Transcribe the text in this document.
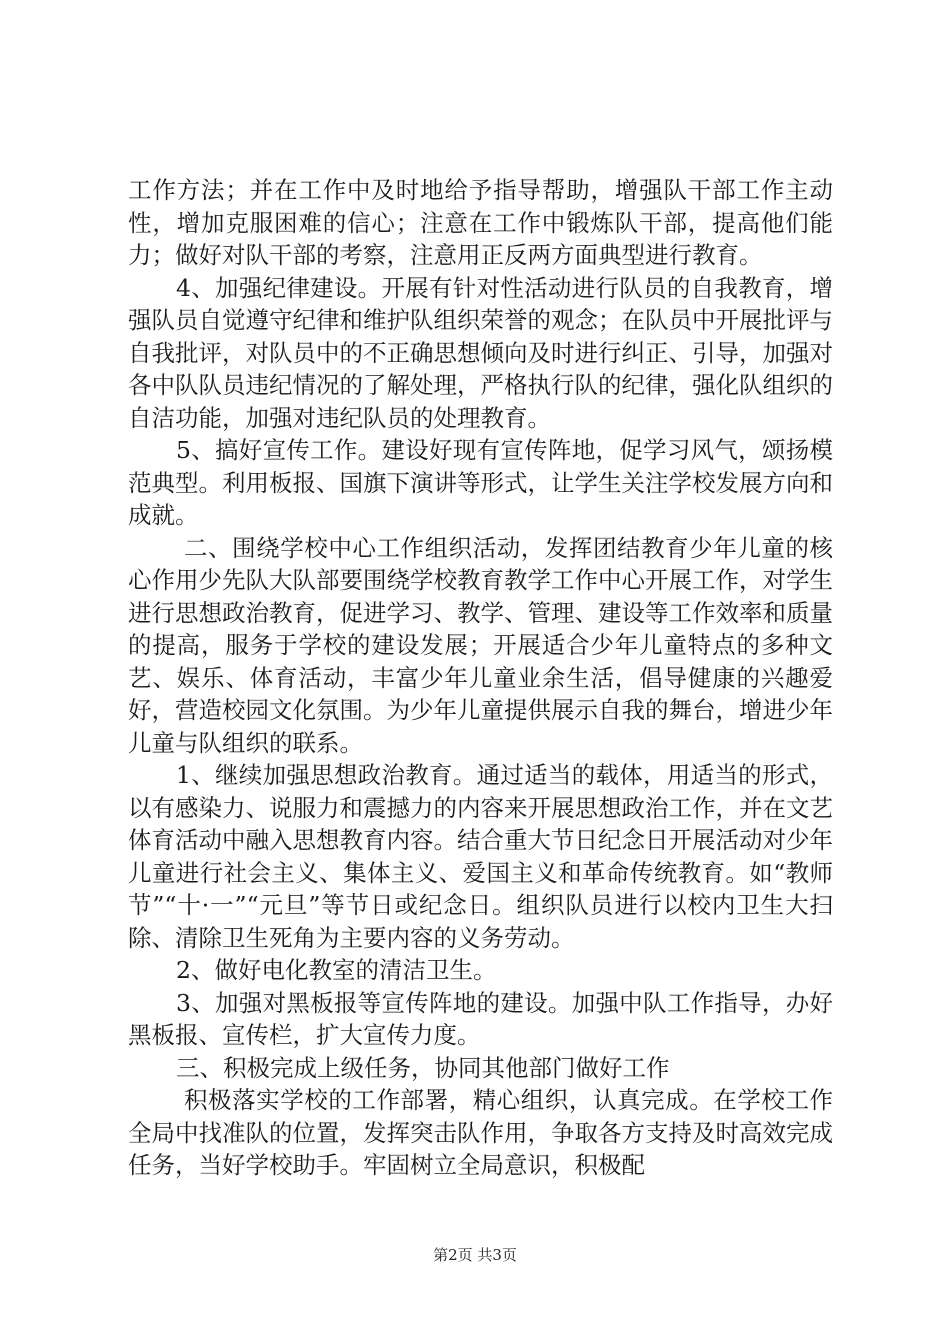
工作方法；并在工作中及时地给予指导帮助，增强队干部工作主动性，增加克服困难的信心；注意在工作中锻炼队干部，提高他们能力；做好对队干部的考察，注意用正反两方面典型进行教育。

4、加强纪律建设。开展有针对性活动进行队员的自我教育，增强队员自觉遵守纪律和维护队组织荣誉的观念；在队员中开展批评与自我批评，对队员中的不正确思想倾向及时进行纠正、引导，加强对各中队队员违纪情况的了解处理，严格执行队的纪律，强化队组织的自洁功能，加强对违纪队员的处理教育。

5、搞好宣传工作。建设好现有宣传阵地，促学习风气，颂扬模范典型。利用板报、国旗下演讲等形式，让学生关注学校发展方向和成就。

二、围绕学校中心工作组织活动，发挥团结教育少年儿童的核心作用少先队大队部要围绕学校教育教学工作中心开展工作，对学生进行思想政治教育，促进学习、教学、管理、建设等工作效率和质量的提高，服务于学校的建设发展；开展适合少年儿童特点的多种文艺、娱乐、体育活动，丰富少年儿童业余生活，倡导健康的兴趣爱好，营造校园文化氛围。为少年儿童提供展示自我的舞台，增进少年儿童与队组织的联系。

1、继续加强思想政治教育。通过适当的载体，用适当的形式，以有感染力、说服力和震撼力的内容来开展思想政治工作，并在文艺体育活动中融入思想教育内容。结合重大节日纪念日开展活动对少年儿童进行社会主义、集体主义、爱国主义和革命传统教育。如“教师节”“十·一”“元旦”等节日或纪念日。组织队员进行以校内卫生大扫除、清除卫生死角为主要内容的义务劳动。

2、做好电化教室的清洁卫生。

3、加强对黑板报等宣传阵地的建设。加强中队工作指导，办好黑板报、宣传栏，扩大宣传力度。

三、积极完成上级任务，协同其他部门做好工作

积极落实学校的工作部署，精心组织，认真完成。在学校工作全局中找准队的位置，发挥突击队作用，争取各方支持及时高效完成任务，当好学校助手。牢固树立全局意识，积极配

第2页 共3页
